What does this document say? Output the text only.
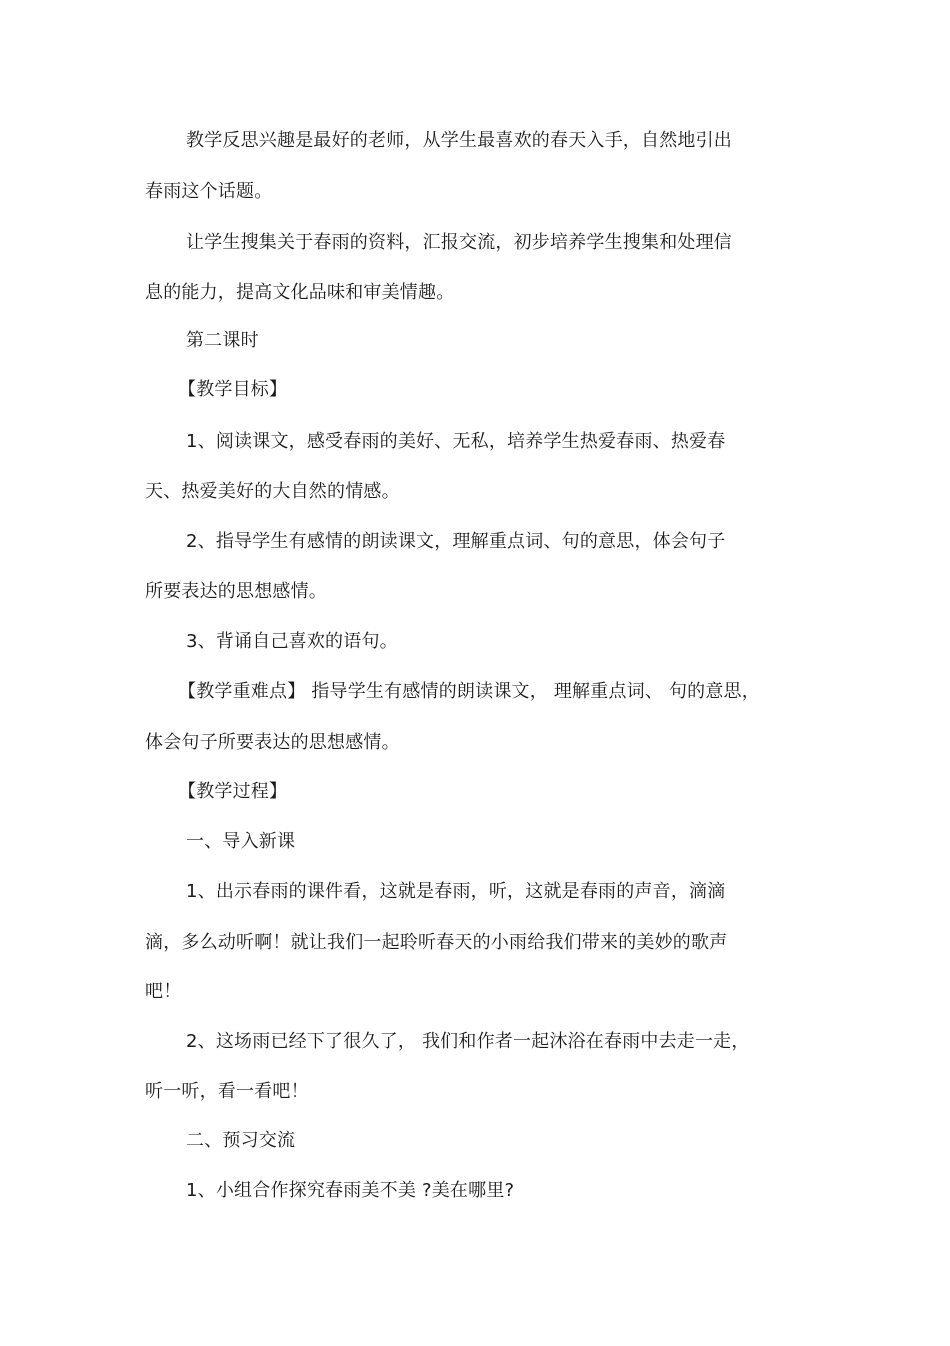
教学反思兴趣是最好的老师，从学生最喜欢的春天入手，自然地引出
春雨这个话题。
让学生搜集关于春雨的资料，汇报交流，初步培养学生搜集和处理信
息的能力，提高文化品味和审美情趣。
第二课时
【教学目标】
1、阅读课文，感受春雨的美好、无私，培养学生热爱春雨、热爱春
天、热爱美好的大自然的情感。
2、指导学生有感情的朗读课文，理解重点词、句的意思，体会句子
所要表达的思想感情。
3、背诵自己喜欢的语句。
【教学重难点】 指导学生有感情的朗读课文， 理解重点词、 句的意思，
体会句子所要表达的思想感情。
【教学过程】
一、导入新课
1、出示春雨的课件看，这就是春雨，听，这就是春雨的声音，滴滴
滴，多么动听啊！就让我们一起聆听春天的小雨给我们带来的美妙的歌声
吧！
2、这场雨已经下了很久了， 我们和作者一起沐浴在春雨中去走一走，
听一听，看一看吧！
二、预习交流
1、小组合作探究春雨美不美 ?美在哪里?
